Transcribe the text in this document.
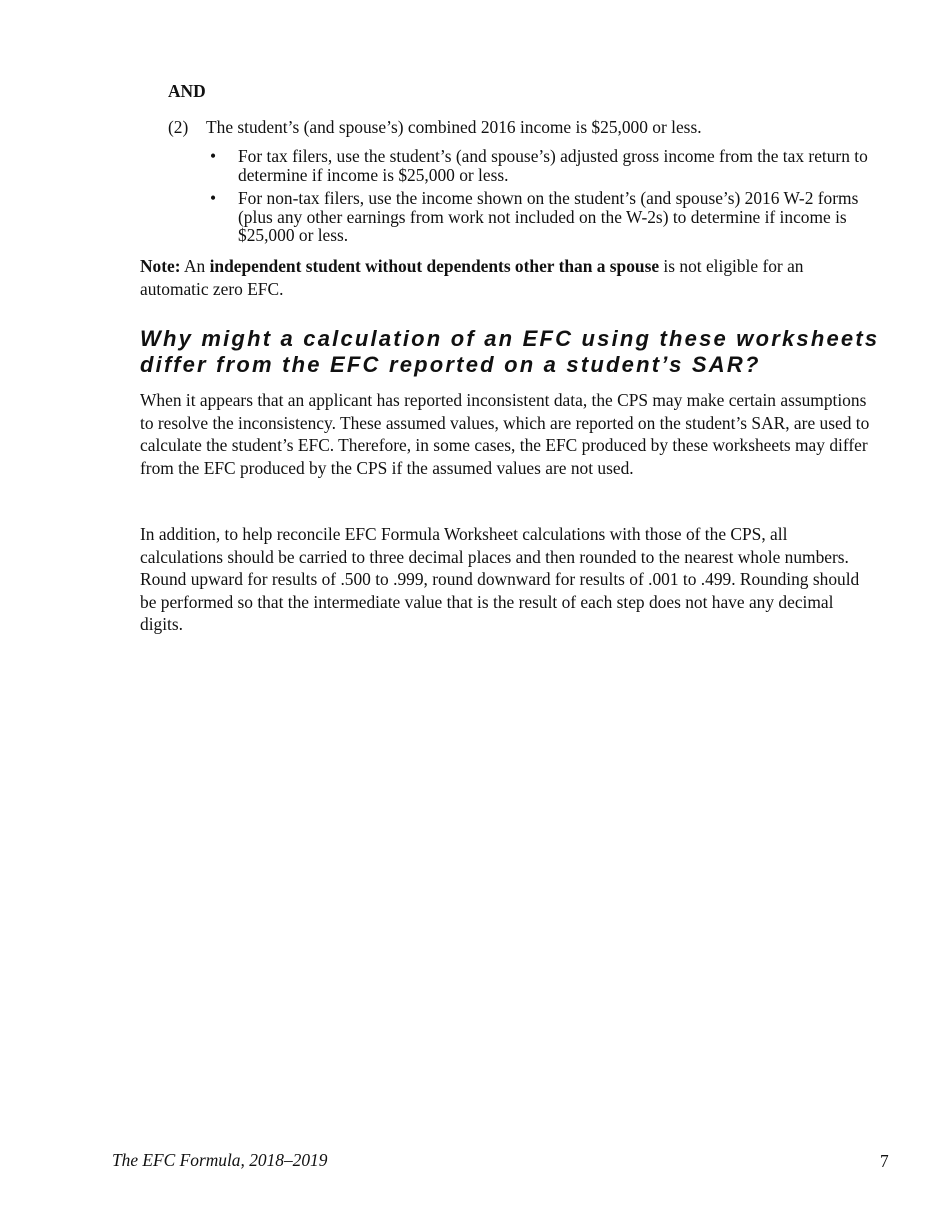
AND
(2) The student’s (and spouse’s) combined 2016 income is $25,000 or less.
• For tax filers, use the student’s (and spouse’s) adjusted gross income from the tax return to determine if income is $25,000 or less.
• For non-tax filers, use the income shown on the student’s (and spouse’s) 2016 W-2 forms (plus any other earnings from work not included on the W-2s) to determine if income is $25,000 or less.
Note: An independent student without dependents other than a spouse is not eligible for an automatic zero EFC.
Why might a calculation of an EFC using these worksheets differ from the EFC reported on a student’s SAR?

When it appears that an applicant has reported inconsistent data, the CPS may make certain assumptions to resolve the inconsistency. These assumed values, which are reported on the student’s SAR, are used to calculate the student’s EFC. Therefore, in some cases, the EFC produced by these worksheets may differ from the EFC produced by the CPS if the assumed values are not used.

In addition, to help reconcile EFC Formula Worksheet calculations with those of the CPS, all calculations should be carried to three decimal places and then rounded to the nearest whole numbers. Round upward for results of .500 to .999, round downward for results of .001 to .499. Rounding should be performed so that the intermediate value that is the result of each step does not have any decimal digits.

The EFC Formula, 2018–2019	7
